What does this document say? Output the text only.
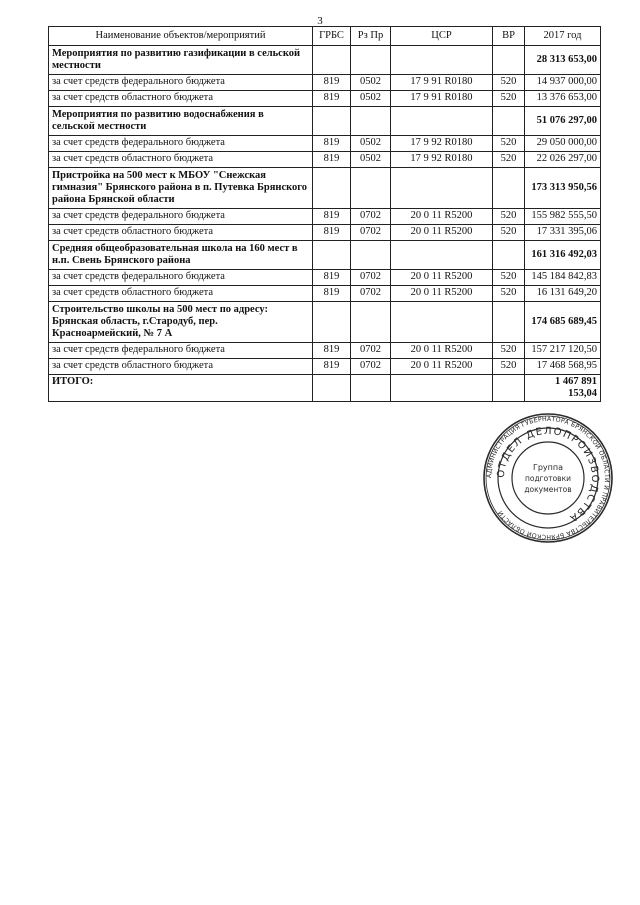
3
Наименование объектов/мероприятий	ГРБС	Рз Пр	ЦСР	ВР	2017 год
Мероприятия по развитию газификации в сельской местности					28 313 653,00
за счет средств федерального бюджета	819	0502	17 9 91 R0180	520	14 937 000,00
за счет средств областного бюджета	819	0502	17 9 91 R0180	520	13 376 653,00
Мероприятия по развитию водоснабжения в сельской местности					51 076 297,00
за счет средств федерального бюджета	819	0502	17 9 92 R0180	520	29 050 000,00
за счет средств областного бюджета	819	0502	17 9 92 R0180	520	22 026 297,00
Пристройка на 500 мест к МБОУ "Снежская гимназия" Брянского района в п. Путевка Брянского района Брянской области					173 313 950,56
за счет средств федерального бюджета	819	0702	20 0 11 R5200	520	155 982 555,50
за счет средств областного бюджета	819	0702	20 0 11 R5200	520	17 331 395,06
Средняя общеобразовательная школа на 160 мест в н.п. Свень Брянского района					161 316 492,03
за счет средств федерального бюджета	819	0702	20 0 11 R5200	520	145 184 842,83
за счет средств областного бюджета	819	0702	20 0 11 R5200	520	16 131 649,20
Строительство школы на 500 мест по адресу: Брянская область, г.Стародуб, пер. Красноармейский, № 7 А					174 685 689,45
за счет средств федерального бюджета	819	0702	20 0 11 R5200	520	157 217 120,50
за счет средств областного бюджета	819	0702	20 0 11 R5200	520	17 468 568,95
ИТОГО:					1 467 891 153,04
АДМИНИСТРАЦИЯ ГУБЕРНАТОРА БРЯНСКОЙ ОБЛАСТИ И ПРАВИТЕЛЬСТВА БРЯНСКОЙ ОБЛАСТИ
ОТДЕЛ ДЕЛОПРОИЗВОДСТВА
Группа
подготовки
документов
